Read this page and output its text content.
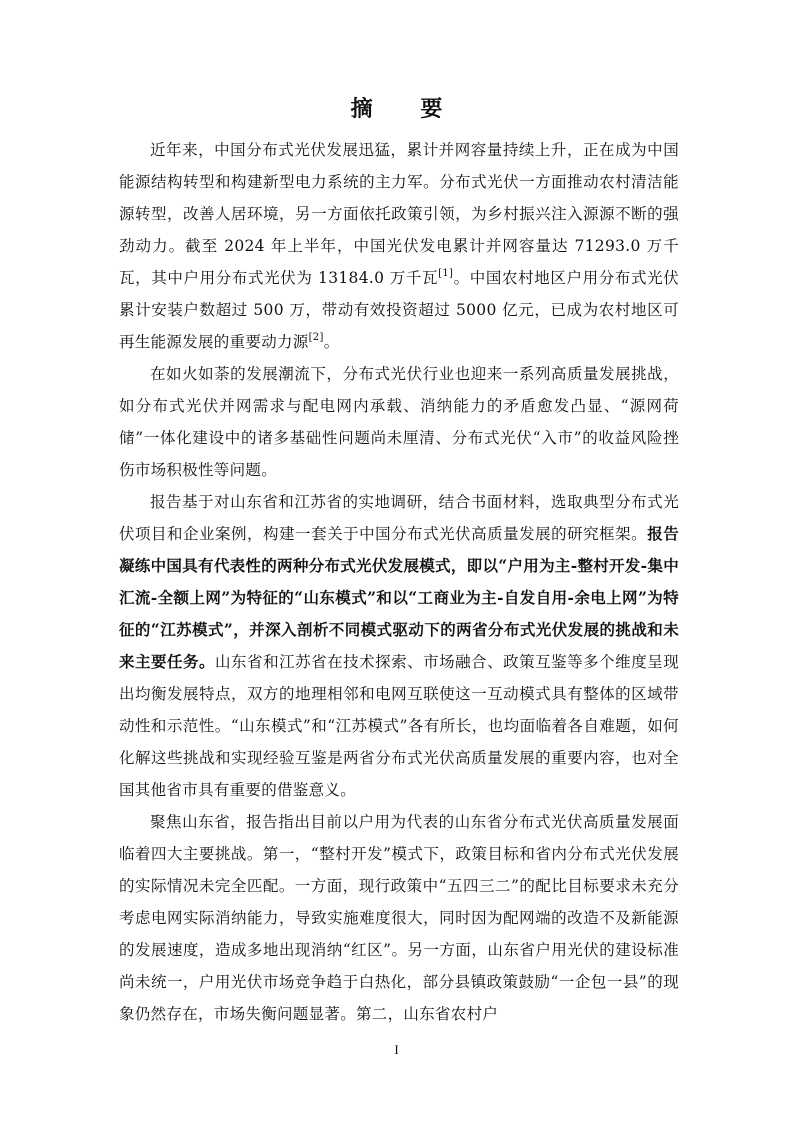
摘 要

近年来，中国分布式光伏发展迅猛，累计并网容量持续上升，正在成为中国能源结构转型和构建新型电力系统的主力军。分布式光伏一方面推动农村清洁能源转型，改善人居环境，另一方面依托政策引领，为乡村振兴注入源源不断的强劲动力。截至 2024 年上半年，中国光伏发电累计并网容量达 71293.0 万千瓦，其中户用分布式光伏为 13184.0 万千瓦[1]。中国农村地区户用分布式光伏累计安装户数超过 500 万，带动有效投资超过 5000 亿元，已成为农村地区可再生能源发展的重要动力源[2]。

在如火如荼的发展潮流下，分布式光伏行业也迎来一系列高质量发展挑战，如分布式光伏并网需求与配电网内承载、消纳能力的矛盾愈发凸显、“源网荷储”一体化建设中的诸多基础性问题尚未厘清、分布式光伏“入市”的收益风险挫伤市场积极性等问题。

报告基于对山东省和江苏省的实地调研，结合书面材料，选取典型分布式光伏项目和企业案例，构建一套关于中国分布式光伏高质量发展的研究框架。报告凝练中国具有代表性的两种分布式光伏发展模式，即以“户用为主-整村开发-集中汇流-全额上网”为特征的“山东模式”和以“工商业为主-自发自用-余电上网”为特征的“江苏模式”，并深入剖析不同模式驱动下的两省分布式光伏发展的挑战和未来主要任务。山东省和江苏省在技术探索、市场融合、政策互鉴等多个维度呈现出均衡发展特点，双方的地理相邻和电网互联使这一互动模式具有整体的区域带动性和示范性。“山东模式”和“江苏模式”各有所长，也均面临着各自难题，如何化解这些挑战和实现经验互鉴是两省分布式光伏高质量发展的重要内容，也对全国其他省市具有重要的借鉴意义。

聚焦山东省，报告指出目前以户用为代表的山东省分布式光伏高质量发展面临着四大主要挑战。第一，“整村开发”模式下，政策目标和省内分布式光伏发展的实际情况未完全匹配。一方面，现行政策中“五四三二”的配比目标要求未充分考虑电网实际消纳能力，导致实施难度很大，同时因为配网端的改造不及新能源的发展速度，造成多地出现消纳“红区”。另一方面，山东省户用光伏的建设标准尚未统一，户用光伏市场竞争趋于白热化，部分县镇政策鼓励“一企包一县”的现象仍然存在，市场失衡问题显著。第二，山东省农村户

I
